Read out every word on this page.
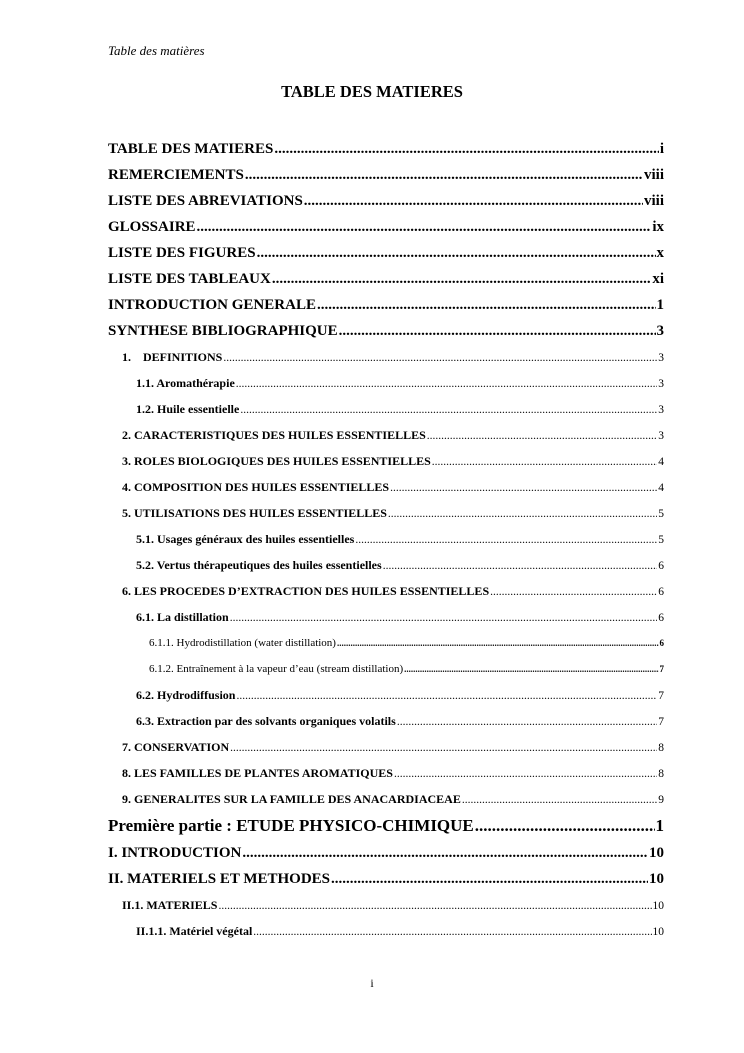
Table des matières
TABLE DES MATIERES
TABLE DES MATIERES .....	i
REMERCIEMENTS .....	viii
LISTE DES ABREVIATIONS .....	viii
GLOSSAIRE .....	ix
LISTE DES FIGURES .....	x
LISTE DES TABLEAUX .....	xi
INTRODUCTION GENERALE .....	1
SYNTHESE BIBLIOGRAPHIQUE .....	3
1.    DEFINITIONS .....	3
1.1. Aromathérapie .....	3
1.2. Huile essentielle .....	3
2. CARACTERISTIQUES DES HUILES ESSENTIELLES .....	3
3. ROLES BIOLOGIQUES DES HUILES ESSENTIELLES .....	4
4. COMPOSITION DES HUILES ESSENTIELLES .....	4
5. UTILISATIONS DES HUILES ESSENTIELLES .....	5
5.1. Usages généraux des huiles essentielles .....	5
5.2. Vertus thérapeutiques des huiles essentielles .....	6
6. LES PROCEDES D’EXTRACTION DES HUILES ESSENTIELLES .....	6
6.1. La distillation .....	6
6.1.1. Hydrodistillation (water distillation) .....	6
6.1.2. Entraînement à la vapeur d’eau (stream distillation) .....	7
6.2. Hydrodiffusion .....	7
6.3. Extraction par des solvants organiques volatils .....	7
7. CONSERVATION .....	8
8. LES FAMILLES DE PLANTES AROMATIQUES .....	8
9. GENERALITES SUR LA FAMILLE DES ANACARDIACEAE .....	9
Première partie : ETUDE PHYSICO-CHIMIQUE .....	1
I. INTRODUCTION .....	10
II. MATERIELS ET METHODES .....	10
II.1. MATERIELS .....	10
II.1.1. Matériel végétal .....	10
i
